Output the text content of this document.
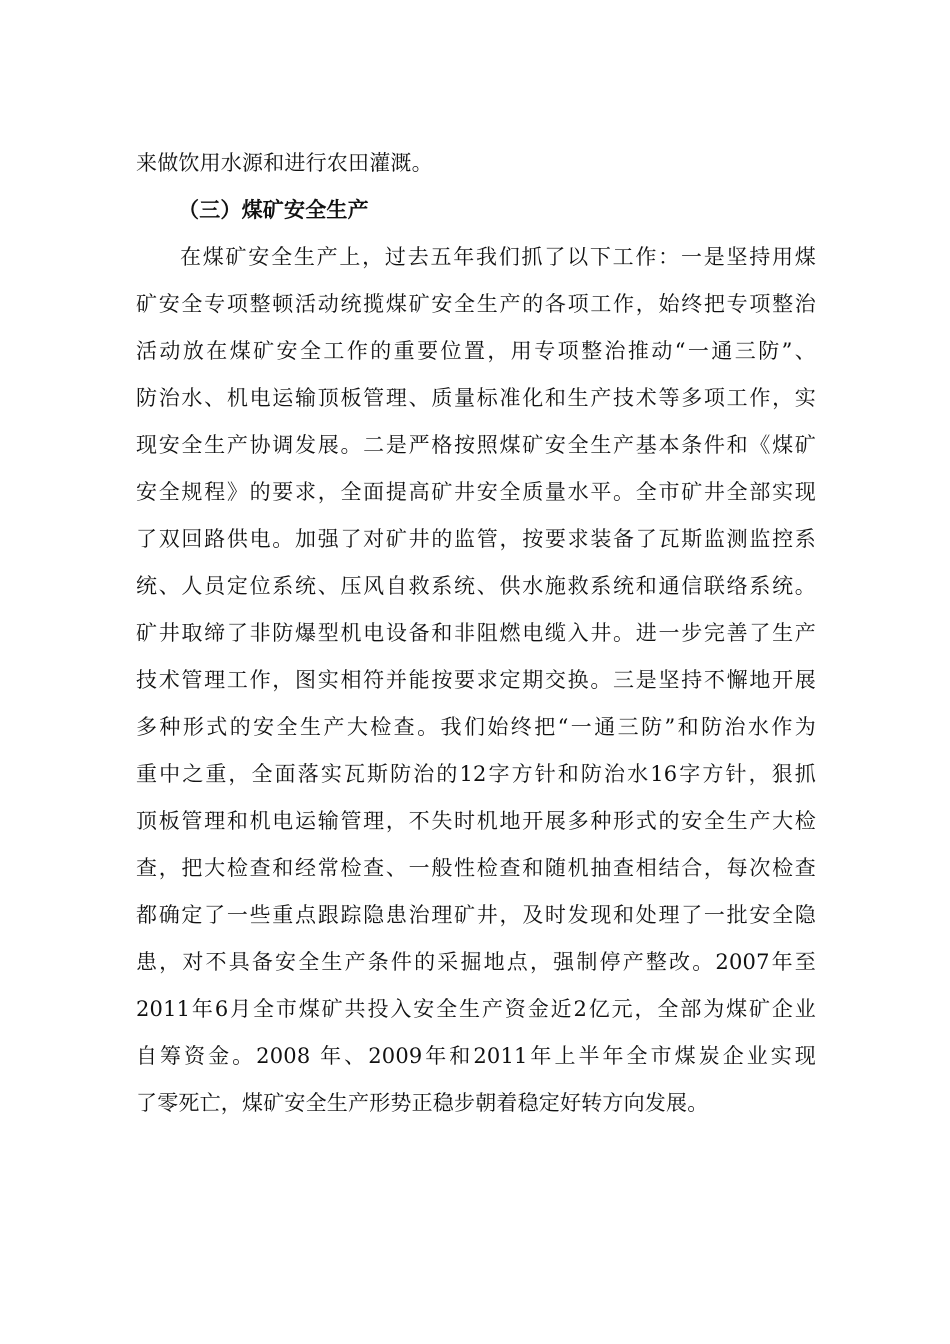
来做饮用水源和进行农田灌溉。
（三）煤矿安全生产
在煤矿安全生产上，过去五年我们抓了以下工作：一是坚持用煤
矿安全专项整顿活动统揽煤矿安全生产的各项工作，始终把专项整治
活动放在煤矿安全工作的重要位置，用专项整治推动“一通三防”、
防治水、机电运输顶板管理、质量标准化和生产技术等多项工作，实
现安全生产协调发展。二是严格按照煤矿安全生产基本条件和《煤矿
安全规程》的要求，全面提高矿井安全质量水平。全市矿井全部实现
了双回路供电。加强了对矿井的监管，按要求装备了瓦斯监测监控系
统、人员定位系统、压风自救系统、供水施救系统和通信联络系统。
矿井取缔了非防爆型机电设备和非阻燃电缆入井。进一步完善了生产
技术管理工作，图实相符并能按要求定期交换。三是坚持不懈地开展
多种形式的安全生产大检查。我们始终把“一通三防”和防治水作为
重中之重，全面落实瓦斯防治的12字方针和防治水16字方针，狠抓
顶板管理和机电运输管理，不失时机地开展多种形式的安全生产大检
查，把大检查和经常检查、一般性检查和随机抽查相结合，每次检查
都确定了一些重点跟踪隐患治理矿井，及时发现和处理了一批安全隐
患，对不具备安全生产条件的采掘地点，强制停产整改。2007年至
2011年6月全市煤矿共投入安全生产资金近2亿元，全部为煤矿企业
自筹资金。2008 年、2009年和2011年上半年全市煤炭企业实现
了零死亡，煤矿安全生产形势正稳步朝着稳定好转方向发展。
